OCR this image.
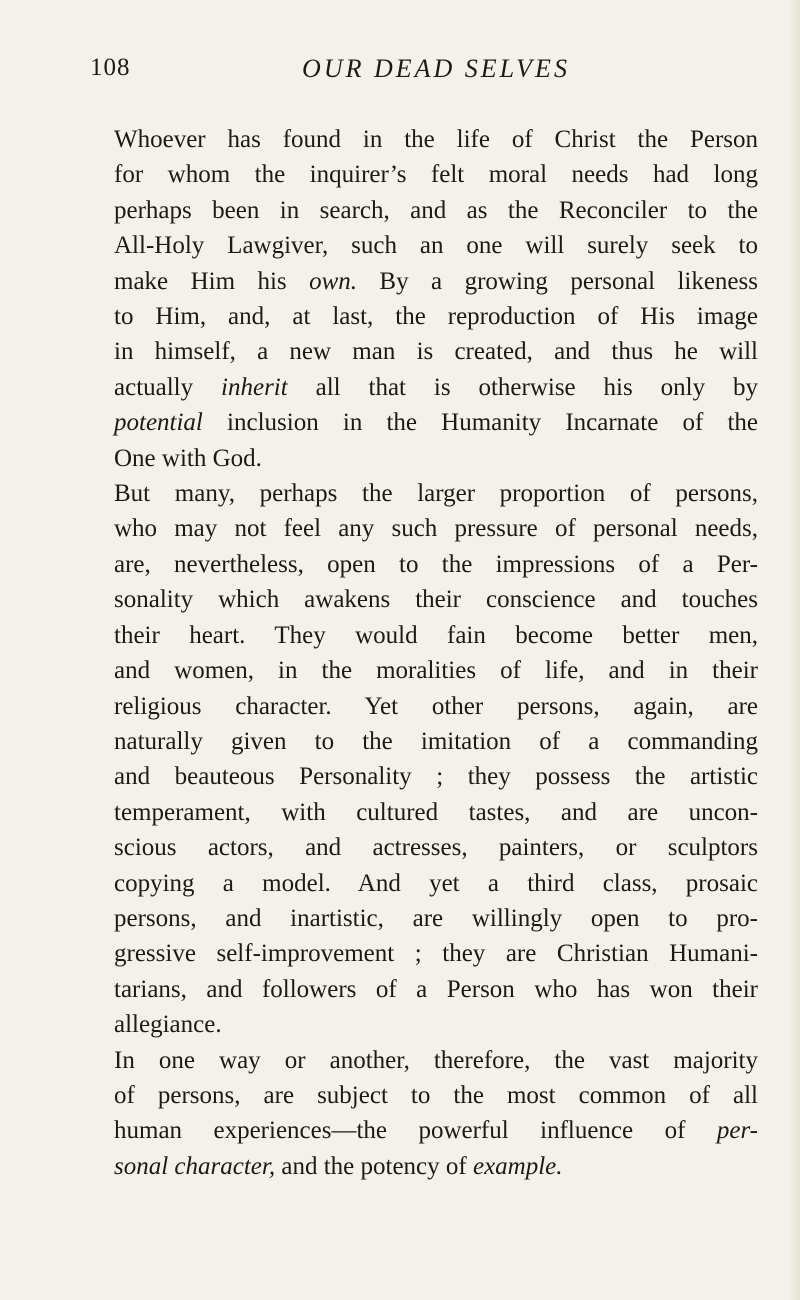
108	OUR DEAD SELVES
Whoever has found in the life of Christ the Person
for whom the inquirer’s felt moral needs had long
perhaps been in search, and as the Reconciler to the
All-Holy Lawgiver, such an one will surely seek to
make Him his own. By a growing personal likeness
to Him, and, at last, the reproduction of His image
in himself, a new man is created, and thus he will
actually inherit all that is otherwise his only by
potential inclusion in the Humanity Incarnate of the
One with God.
But many, perhaps the larger proportion of persons,
who may not feel any such pressure of personal needs,
are, nevertheless, open to the impressions of a Per-
sonality which awakens their conscience and touches
their heart. They would fain become better men,
and women, in the moralities of life, and in their
religious character. Yet other persons, again, are
naturally given to the imitation of a commanding
and beauteous Personality ; they possess the artistic
temperament, with cultured tastes, and are uncon-
scious actors, and actresses, painters, or sculptors
copying a model. And yet a third class, prosaic
persons, and inartistic, are willingly open to pro-
gressive self-improvement ; they are Christian Humani-
tarians, and followers of a Person who has won their
allegiance.
In one way or another, therefore, the vast majority
of persons, are subject to the most common of all
human experiences—the powerful influence of per-
sonal character, and the potency of example.
